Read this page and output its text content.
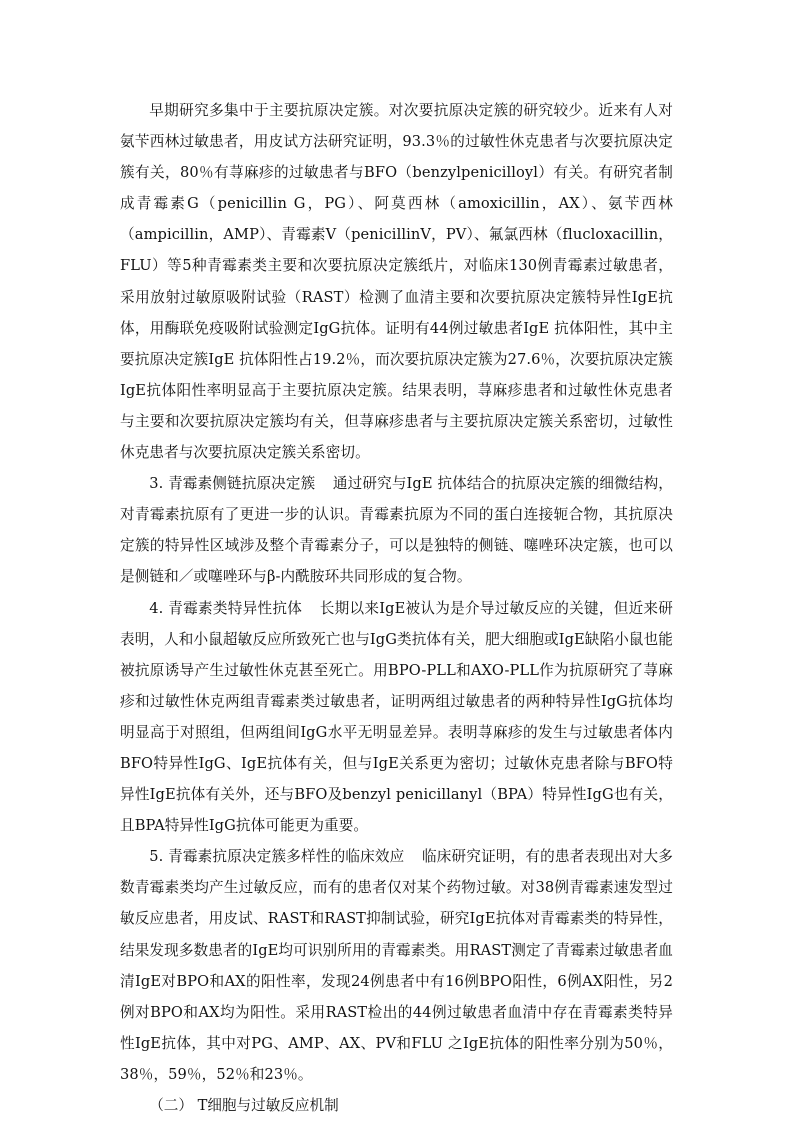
早期研究多集中于主要抗原决定簇。对次要抗原决定簇的研究较少。近来有人对氨苄西林过敏患者，用皮试方法研究证明，93.3％的过敏性休克患者与次要抗原决定簇有关，80％有荨麻疹的过敏患者与BFO（benzylpenicilloyl）有关。有研究者制成青霉素G（penicillin G，PG）、阿莫西林（amoxicillin，AX）、氨苄西林（ampicillin，AMP）、青霉素V（penicillinV，PV）、氟氯西林（flucloxacillin，FLU）等5种青霉素类主要和次要抗原决定簇纸片，对临床130例青霉素过敏患者，采用放射过敏原吸附试验（RAST）检测了血清主要和次要抗原决定簇特异性IgE抗体，用酶联免疫吸附试验测定IgG抗体。证明有44例过敏患者IgE 抗体阳性，其中主要抗原决定簇IgE 抗体阳性占19.2％，而次要抗原决定簇为27.6％，次要抗原决定簇IgE抗体阳性率明显高于主要抗原决定簇。结果表明，荨麻疹患者和过敏性休克患者与主要和次要抗原决定簇均有关，但荨麻疹患者与主要抗原决定簇关系密切，过敏性休克患者与次要抗原决定簇关系密切。

3. 青霉素侧链抗原决定簇 通过研究与IgE 抗体结合的抗原决定簇的细微结构，对青霉素抗原有了更进一步的认识。青霉素抗原为不同的蛋白连接轭合物，其抗原决定簇的特异性区域涉及整个青霉素分子，可以是独特的侧链、噻唑环决定簇，也可以是侧链和／或噻唑环与β-内酰胺环共同形成的复合物。

4. 青霉素类特异性抗体 长期以来IgE被认为是介导过敏反应的关键，但近来研表明，人和小鼠超敏反应所致死亡也与IgG类抗体有关，肥大细胞或IgE缺陷小鼠也能被抗原诱导产生过敏性休克甚至死亡。用BPO-PLL和AXO-PLL作为抗原研究了荨麻疹和过敏性休克两组青霉素类过敏患者，证明两组过敏患者的两种特异性IgG抗体均明显高于对照组，但两组间IgG水平无明显差异。表明荨麻疹的发生与过敏患者体内BFO特异性IgG、IgE抗体有关，但与IgE关系更为密切；过敏休克患者除与BFO特异性IgE抗体有关外，还与BFO及benzyl penicillanyl（BPA）特异性IgG也有关，且BPA特异性IgG抗体可能更为重要。

5. 青霉素抗原决定簇多样性的临床效应 临床研究证明，有的患者表现出对大多数青霉素类均产生过敏反应，而有的患者仅对某个药物过敏。对38例青霉素速发型过敏反应患者，用皮试、RAST和RAST抑制试验，研究IgE抗体对青霉素类的特异性，结果发现多数患者的IgE均可识别所用的青霉素类。用RAST测定了青霉素过敏患者血清IgE对BPO和AX的阳性率，发现24例患者中有16例BPO阳性，6例AX阳性，另2例对BPO和AX均为阳性。采用RAST检出的44例过敏患者血清中存在青霉素类特异性IgE抗体，其中对PG、AMP、AX、PV和FLU 之IgE抗体的阳性率分别为50％，38％，59％，52％和23％。

（二） T细胞与过敏反应机制
